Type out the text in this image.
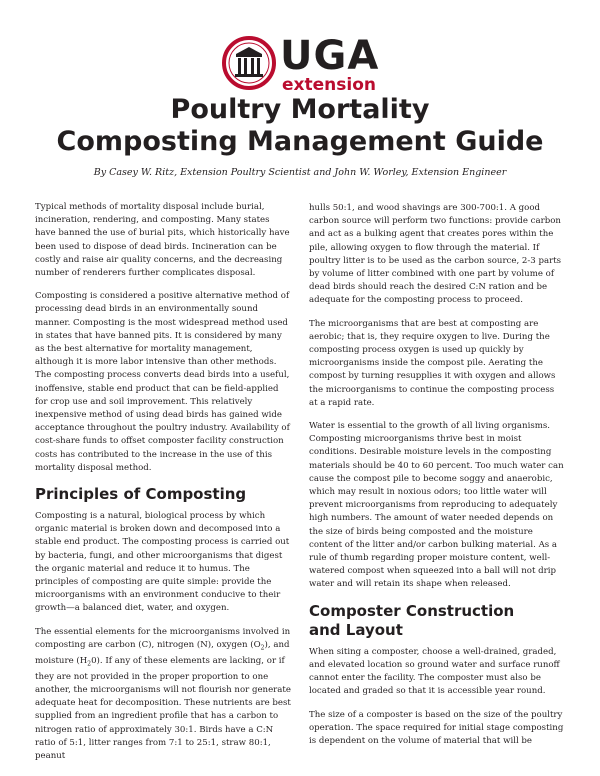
UGA

extension

Poultry Mortality
Composting Management Guide

By Casey W. Ritz, Extension Poultry Scientist and John W. Worley, Extension Engineer

Typical methods of mortality disposal include burial, incineration, rendering, and composting. Many states have banned the use of burial pits, which historically have been used to dispose of dead birds. Incineration can be costly and raise air quality concerns, and the decreasing number of renderers further complicates disposal.

Composting is considered a positive alternative method of processing dead birds in an environmentally sound manner. Composting is the most widespread method used in states that have banned pits. It is considered by many as the best alternative for mortality management, although it is more labor intensive than other methods. The composting process converts dead birds into a useful, inoffensive, stable end product that can be field-applied for crop use and soil improvement. This relatively inexpensive method of using dead birds has gained wide acceptance throughout the poultry industry. Availability of cost-share funds to offset composter facility construction costs has contributed to the increase in the use of this mortality disposal method.

Principles of Composting

Composting is a natural, biological process by which organic material is broken down and decomposed into a stable end product. The composting process is carried out by bacteria, fungi, and other microorganisms that digest the organic material and reduce it to humus. The principles of composting are quite simple: provide the microorganisms with an environment conducive to their growth—a balanced diet, water, and oxygen.

The essential elements for the microorganisms involved in composting are carbon (C), nitrogen (N), oxygen $(O_2)$, and moisture $(H_20)$. If any of these elements are lacking, or if they are not provided in the proper proportion to one another, the microorganisms will not flourish nor generate adequate heat for decomposition. These nutrients are best supplied from an ingredient profile that has a carbon to nitrogen ratio of approximately 30:1. Birds have a C:N ratio of 5:1, litter ranges from 7:1 to 25:1, straw 80:1, peanut

hulls 50:1, and wood shavings are 300-700:1. A good carbon source will perform two functions: provide carbon and act as a bulking agent that creates pores within the pile, allowing oxygen to flow through the material. If poultry litter is to be used as the carbon source, 2-3 parts by volume of litter combined with one part by volume of dead birds should reach the desired C:N ration and be adequate for the composting process to proceed.

The microorganisms that are best at composting are aerobic; that is, they require oxygen to live. During the composting process oxygen is used up quickly by microorganisms inside the compost pile. Aerating the compost by turning resupplies it with oxygen and allows the microorganisms to continue the composting process at a rapid rate.

Water is essential to the growth of all living organisms. Composting microorganisms thrive best in moist conditions. Desirable moisture levels in the composting materials should be 40 to 60 percent. Too much water can cause the compost pile to become soggy and anaerobic, which may result in noxious odors; too little water will prevent microorganisms from reproducing to adequately high numbers. The amount of water needed depends on the size of birds being composted and the moisture content of the litter and/or carbon bulking material. As a rule of thumb regarding proper moisture content, well-watered compost when squeezed into a ball will not drip water and will retain its shape when released.

Composter Construction
and Layout

When siting a composter, choose a well-drained, graded, and elevated location so ground water and surface runoff cannot enter the facility. The composter must also be located and graded so that it is accessible year round.

The size of a composter is based on the size of the poultry operation. The space required for initial stage composting is dependent on the volume of material that will be
